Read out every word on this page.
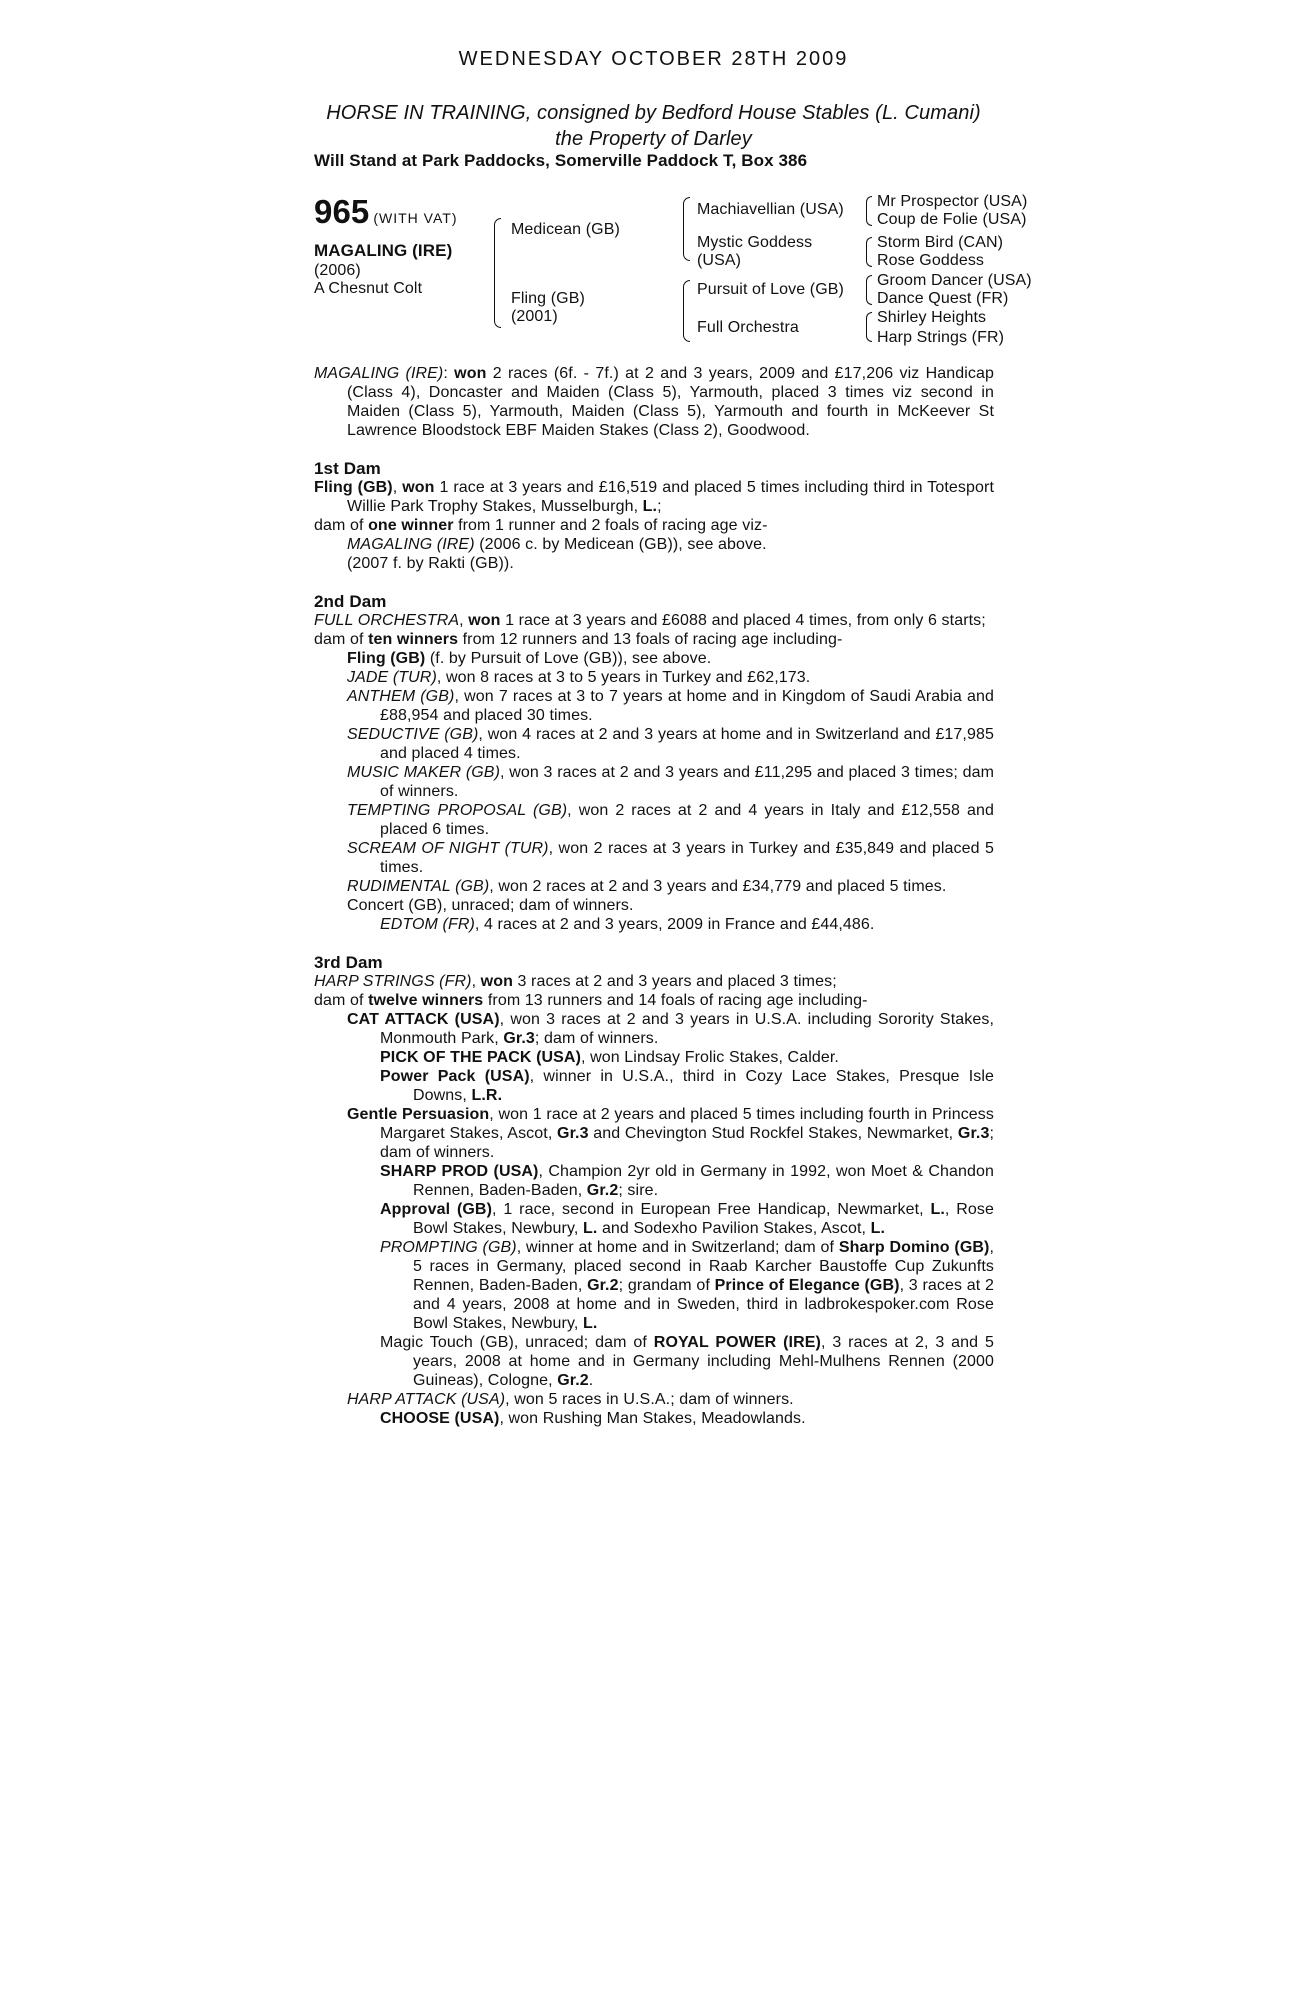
WEDNESDAY OCTOBER 28TH 2009
HORSE IN TRAINING, consigned by Bedford House Stables (L. Cumani)
the Property of Darley
Will Stand at Park Paddocks, Somerville Paddock T, Box 386
965 (WITH VAT)
MAGALING (IRE)
(2006)
A Chesnut Colt
Medicean (GB)
Fling (GB)
(2001)
Machiavellian (USA)
Mystic Goddess
(USA)
Pursuit of Love (GB)
Full Orchestra
Mr Prospector (USA)
Coup de Folie (USA)
Storm Bird (CAN)
Rose Goddess
Groom Dancer (USA)
Dance Quest (FR)
Shirley Heights
Harp Strings (FR)

MAGALING (IRE): won 2 races (6f. - 7f.) at 2 and 3 years, 2009 and £17,206 viz Handicap (Class 4), Doncaster and Maiden (Class 5), Yarmouth, placed 3 times viz second in Maiden (Class 5), Yarmouth, Maiden (Class 5), Yarmouth and fourth in McKeever St Lawrence Bloodstock EBF Maiden Stakes (Class 2), Goodwood.

1st Dam

Fling (GB), won 1 race at 3 years and £16,519 and placed 5 times including third in Totesport Willie Park Trophy Stakes, Musselburgh, L.;

dam of one winner from 1 runner and 2 foals of racing age viz-

MAGALING (IRE) (2006 c. by Medicean (GB)), see above.

(2007 f. by Rakti (GB)).

2nd Dam

FULL ORCHESTRA, won 1 race at 3 years and £6088 and placed 4 times, from only 6 starts;

dam of ten winners from 12 runners and 13 foals of racing age including-

Fling (GB) (f. by Pursuit of Love (GB)), see above.

JADE (TUR), won 8 races at 3 to 5 years in Turkey and £62,173.

ANTHEM (GB), won 7 races at 3 to 7 years at home and in Kingdom of Saudi Arabia and £88,954 and placed 30 times.

SEDUCTIVE (GB), won 4 races at 2 and 3 years at home and in Switzerland and £17,985 and placed 4 times.

MUSIC MAKER (GB), won 3 races at 2 and 3 years and £11,295 and placed 3 times; dam of winners.

TEMPTING PROPOSAL (GB), won 2 races at 2 and 4 years in Italy and £12,558 and placed 6 times.

SCREAM OF NIGHT (TUR), won 2 races at 3 years in Turkey and £35,849 and placed 5 times.

RUDIMENTAL (GB), won 2 races at 2 and 3 years and £34,779 and placed 5 times.

Concert (GB), unraced; dam of winners.

EDTOM (FR), 4 races at 2 and 3 years, 2009 in France and £44,486.

3rd Dam

HARP STRINGS (FR), won 3 races at 2 and 3 years and placed 3 times;

dam of twelve winners from 13 runners and 14 foals of racing age including-

CAT ATTACK (USA), won 3 races at 2 and 3 years in U.S.A. including Sorority Stakes, Monmouth Park, Gr.3; dam of winners.

PICK OF THE PACK (USA), won Lindsay Frolic Stakes, Calder.

Power Pack (USA), winner in U.S.A., third in Cozy Lace Stakes, Presque Isle Downs, L.R.

Gentle Persuasion, won 1 race at 2 years and placed 5 times including fourth in Princess Margaret Stakes, Ascot, Gr.3 and Chevington Stud Rockfel Stakes, Newmarket, Gr.3; dam of winners.

SHARP PROD (USA), Champion 2yr old in Germany in 1992, won Moet & Chandon Rennen, Baden-Baden, Gr.2; sire.

Approval (GB), 1 race, second in European Free Handicap, Newmarket, L., Rose Bowl Stakes, Newbury, L. and Sodexho Pavilion Stakes, Ascot, L.

PROMPTING (GB), winner at home and in Switzerland; dam of Sharp Domino (GB), 5 races in Germany, placed second in Raab Karcher Baustoffe Cup Zukunfts Rennen, Baden-Baden, Gr.2; grandam of Prince of Elegance (GB), 3 races at 2 and 4 years, 2008 at home and in Sweden, third in ladbrokespoker.com Rose Bowl Stakes, Newbury, L.

Magic Touch (GB), unraced; dam of ROYAL POWER (IRE), 3 races at 2, 3 and 5 years, 2008 at home and in Germany including Mehl-Mulhens Rennen (2000 Guineas), Cologne, Gr.2.

HARP ATTACK (USA), won 5 races in U.S.A.; dam of winners.

CHOOSE (USA), won Rushing Man Stakes, Meadowlands.
